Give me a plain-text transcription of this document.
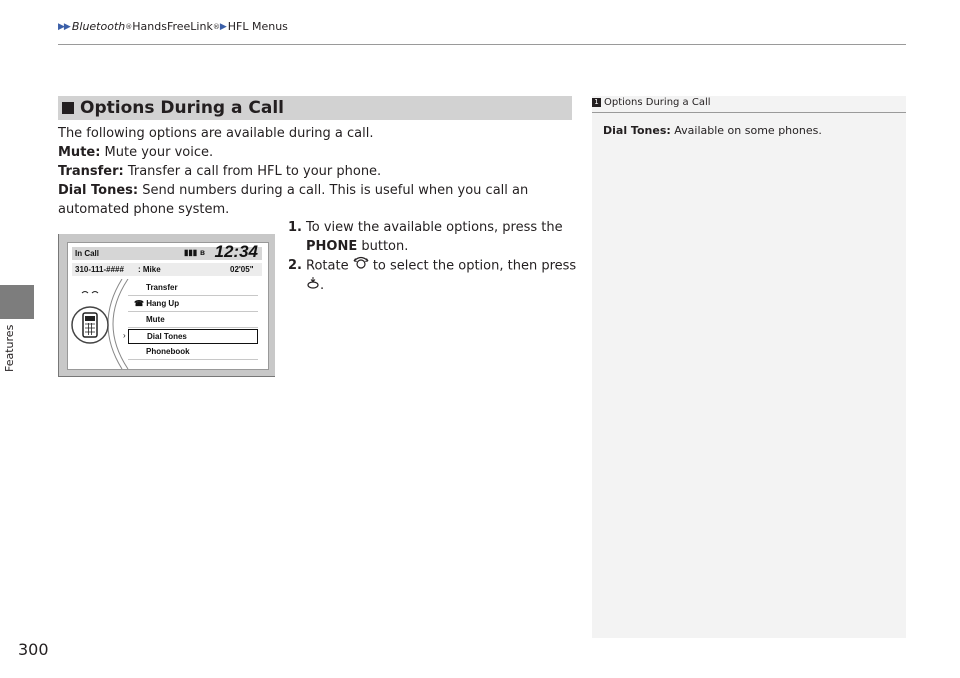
▶ ▶ Bluetooth ® HandsFreeLink ® ▶ HFL Menus
Features
300
Options During a Call

The following options are available during a call.

Mute: Mute your voice.

Transfer: Transfer a call from HFL to your phone.

Dial Tones: Send numbers during a call. This is useful when you call an automated phone system.

1. To view the available options, press the PHONE button.
2. Rotate  to select the option, then press
.
In Call	▮▮▮ ʙ 12:34
310-111-#### : Mike	02'05"
Transfer
☎ Hang Up
Mute
Dial Tones
›
Phonebook
1 Options During a Call
Dial Tones: Available on some phones.
